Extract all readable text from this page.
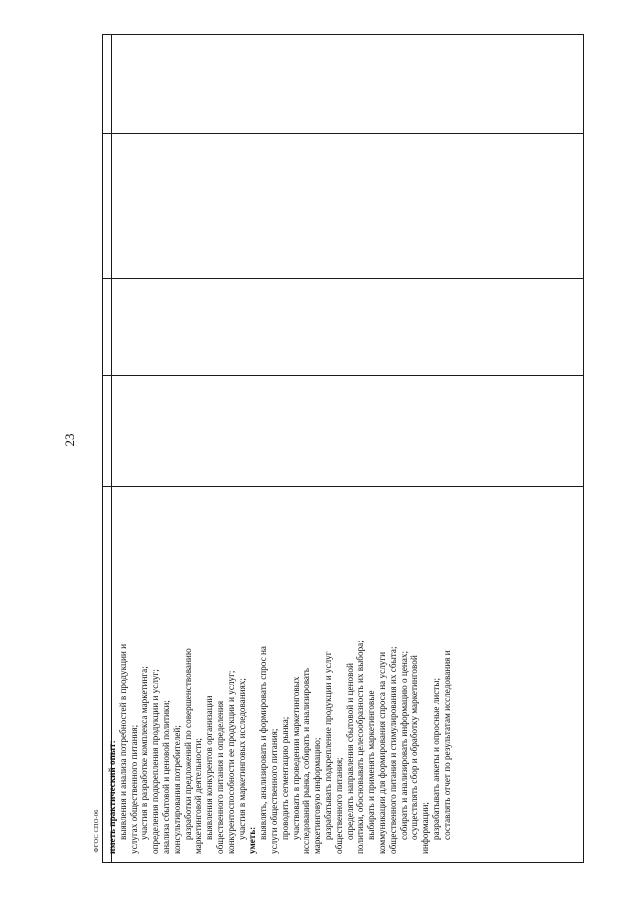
23
иметь практический опыт: выявления и анализа потребностей в продукции и услугах общественного питания; участия в разработке комплекса маркетинга; определения подкрепления продукции и услуг; анализа сбытовой и ценовой политики; консультирования потребителей; разработки предложений по совершенствованию маркетинговой деятельности; выявления конкурентов организации общественного питания и определения конкурентоспособности ее продукции и услуг; участия в маркетинговых исследованиях;
уметь:
выявлять, анализировать и формировать спрос на услуги общественного питания; проводить сегментацию рынка; участвовать в проведении маркетинговых исследований рынка, собирать и анализировать маркетинговую информацию; разрабатывать подкрепление продукции и услуг общественного питания; определять направления сбытовой и ценовой политики, обосновывать целесообразность их выбора; выбирать и применять маркетинговые коммуникации для формирования спроса на услуги общественного питания и стимулирования их сбыта; собирать и анализировать информацию о ценах; осуществлять сбор и обработку маркетинговой информации; разрабатывать анкеты и опросные листы; составлять отчет по результатам исследования и
ФГОС СПО-06
